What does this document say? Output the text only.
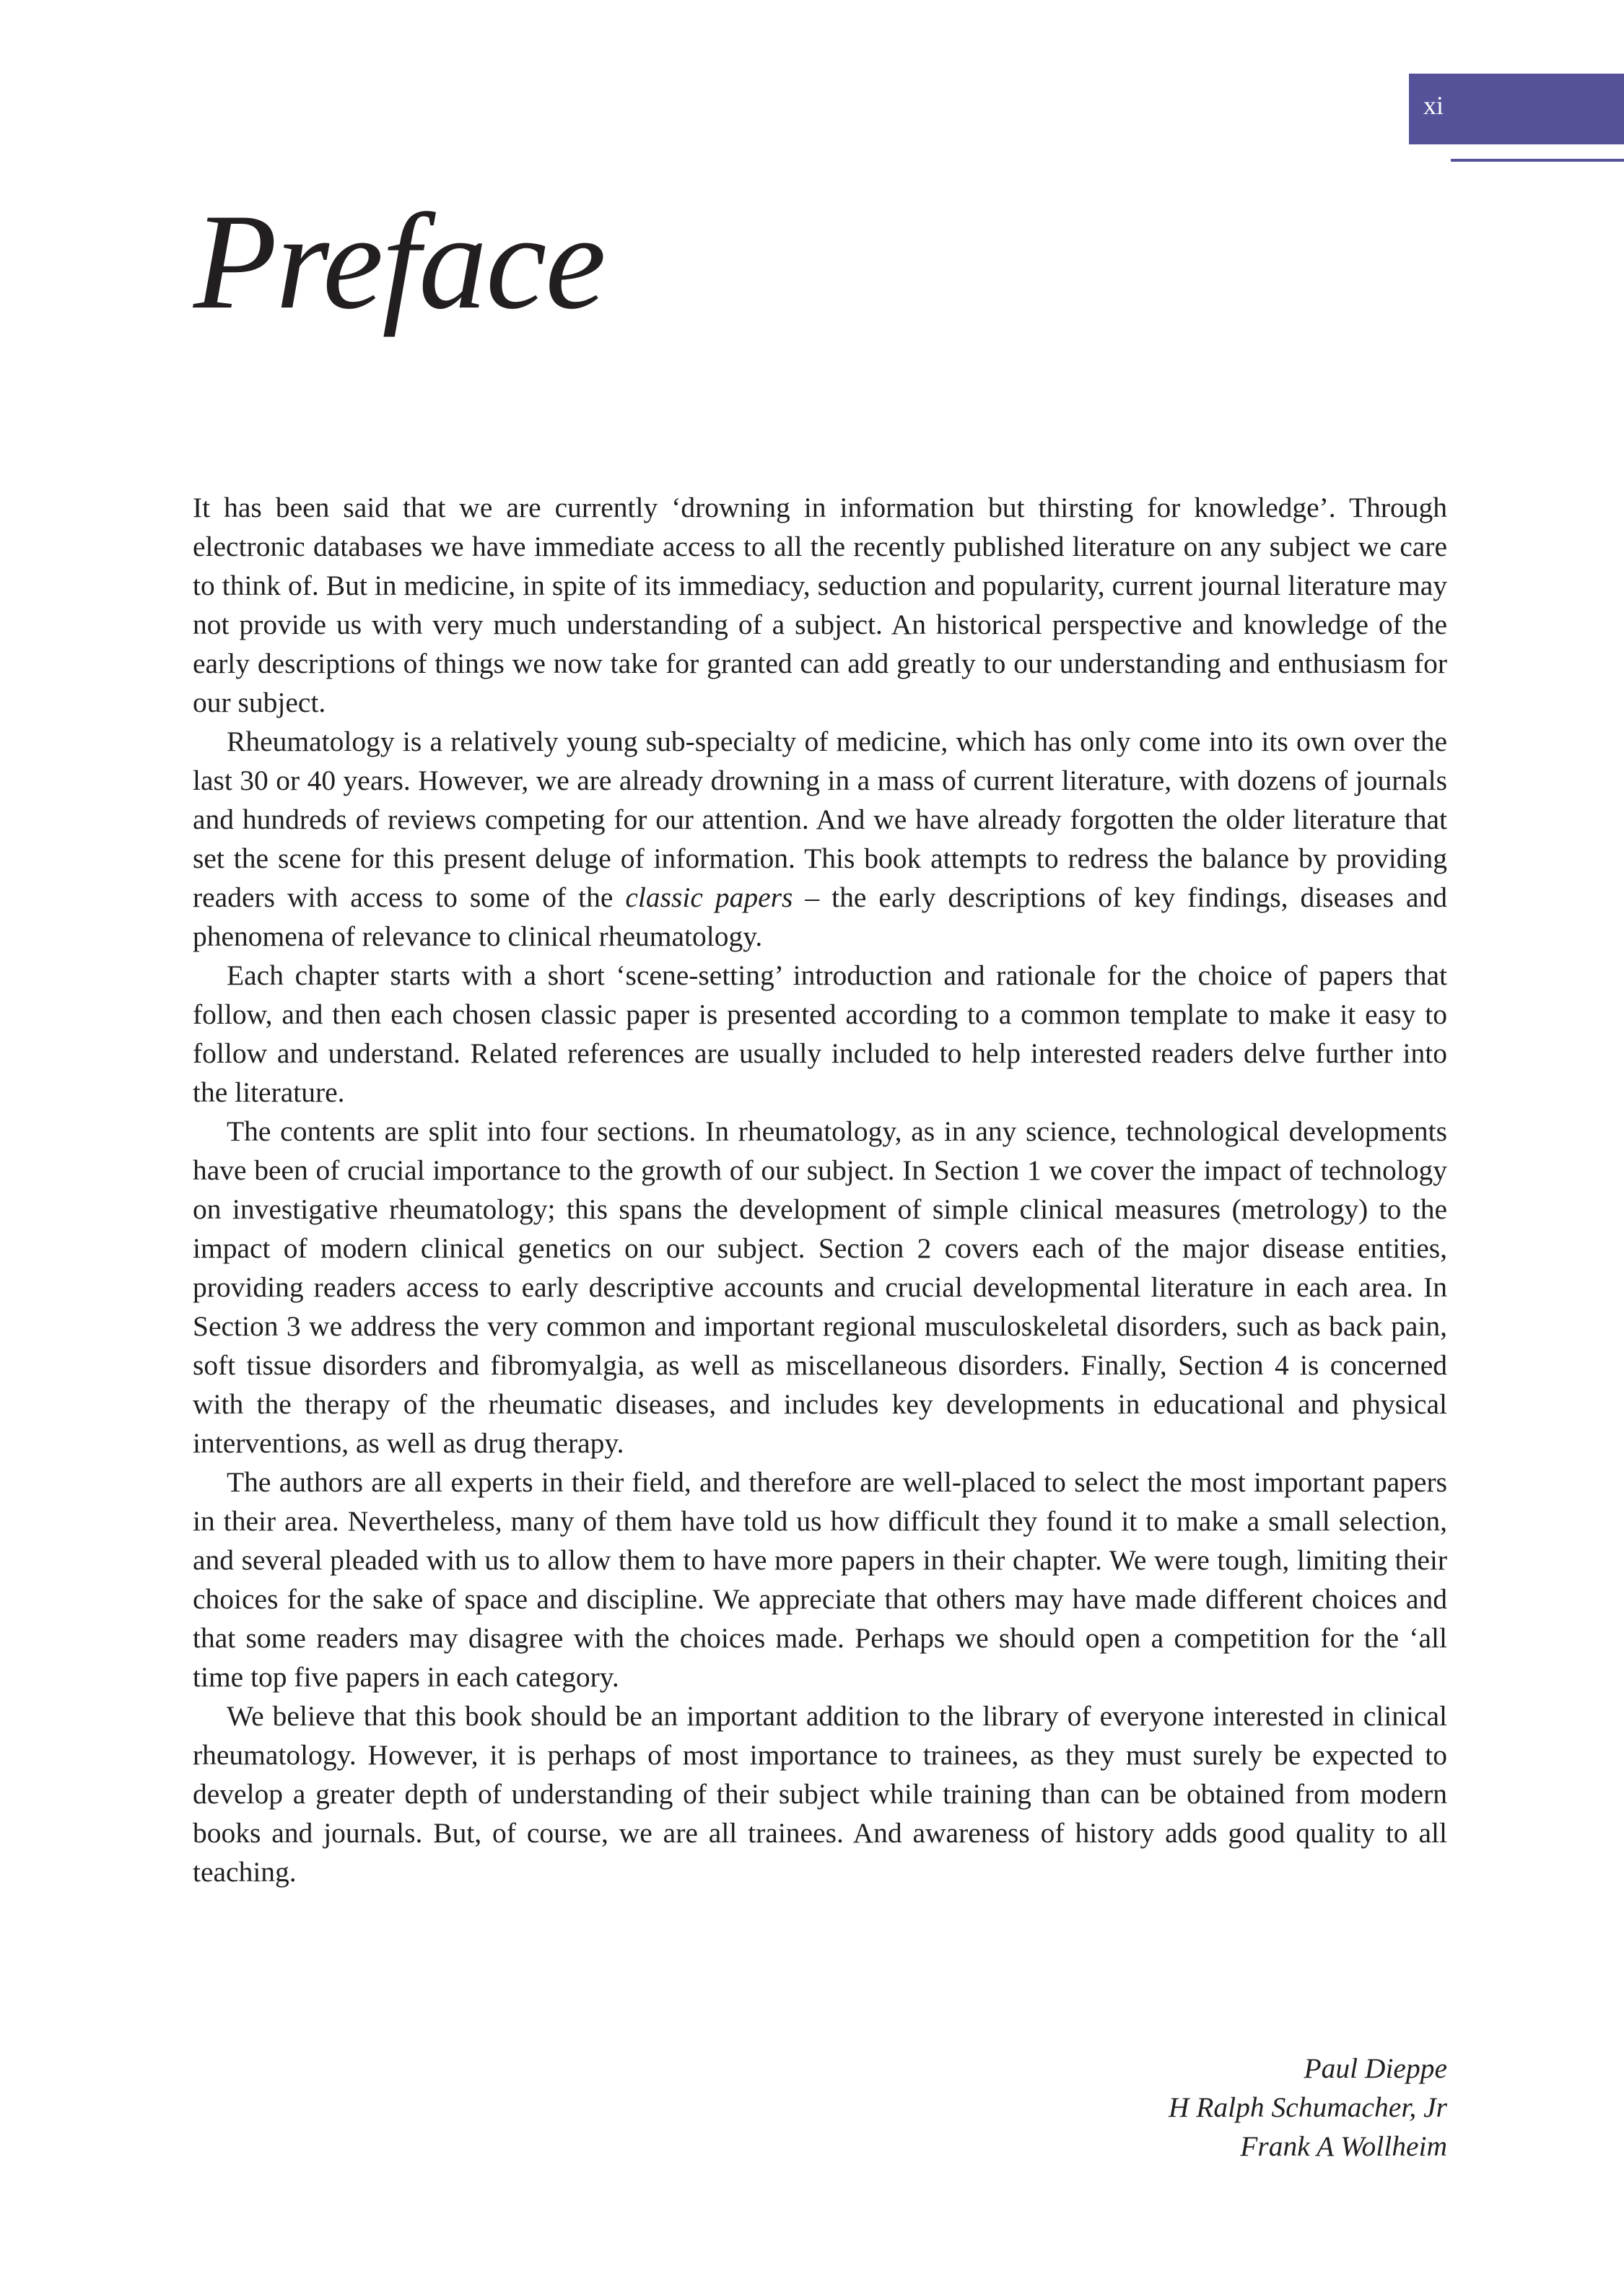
xi
Preface

It has been said that we are currently ‘drowning in information but thirsting for knowledge’. Through electronic databases we have immediate access to all the recently published literature on any subject we care to think of. But in medicine, in spite of its immediacy, seduction and popularity, current journal literature may not provide us with very much understanding of a subject. An historical perspective and knowledge of the early descriptions of things we now take for granted can add greatly to our understanding and enthusiasm for our subject.

Rheumatology is a relatively young sub-specialty of medicine, which has only come into its own over the last 30 or 40 years. However, we are already drowning in a mass of current literature, with dozens of journals and hundreds of reviews competing for our attention. And we have already forgotten the older literature that set the scene for this present deluge of information. This book attempts to redress the balance by providing readers with access to some of the classic papers – the early descriptions of key findings, diseases and phenomena of relevance to clinical rheumatology.

Each chapter starts with a short ‘scene-setting’ introduction and rationale for the choice of papers that follow, and then each chosen classic paper is presented according to a common template to make it easy to follow and understand. Related references are usually included to help interested readers delve further into the literature.

The contents are split into four sections. In rheumatology, as in any science, technological developments have been of crucial importance to the growth of our subject. In Section 1 we cover the impact of technology on investigative rheumatology; this spans the development of simple clinical measures (metrology) to the impact of modern clinical genetics on our subject. Section 2 covers each of the major disease entities, providing readers access to early descriptive accounts and crucial developmental literature in each area. In Section 3 we address the very common and important regional musculoskeletal disorders, such as back pain, soft tissue disorders and fibromyalgia, as well as miscellaneous disorders. Finally, Section 4 is concerned with the therapy of the rheumatic diseases, and includes key developments in educational and physical interventions, as well as drug therapy.

The authors are all experts in their field, and therefore are well-placed to select the most important papers in their area. Nevertheless, many of them have told us how difficult they found it to make a small selection, and several pleaded with us to allow them to have more papers in their chapter. We were tough, limiting their choices for the sake of space and discipline. We appreciate that others may have made different choices and that some readers may disagree with the choices made. Perhaps we should open a competition for the ‘all time top five papers in each category.

We believe that this book should be an important addition to the library of everyone interested in clinical rheumatology. However, it is perhaps of most importance to trainees, as they must surely be expected to develop a greater depth of understanding of their subject while training than can be obtained from modern books and journals. But, of course, we are all trainees. And awareness of history adds good quality to all teaching.

Paul Dieppe
H Ralph Schumacher, Jr
Frank A Wollheim
